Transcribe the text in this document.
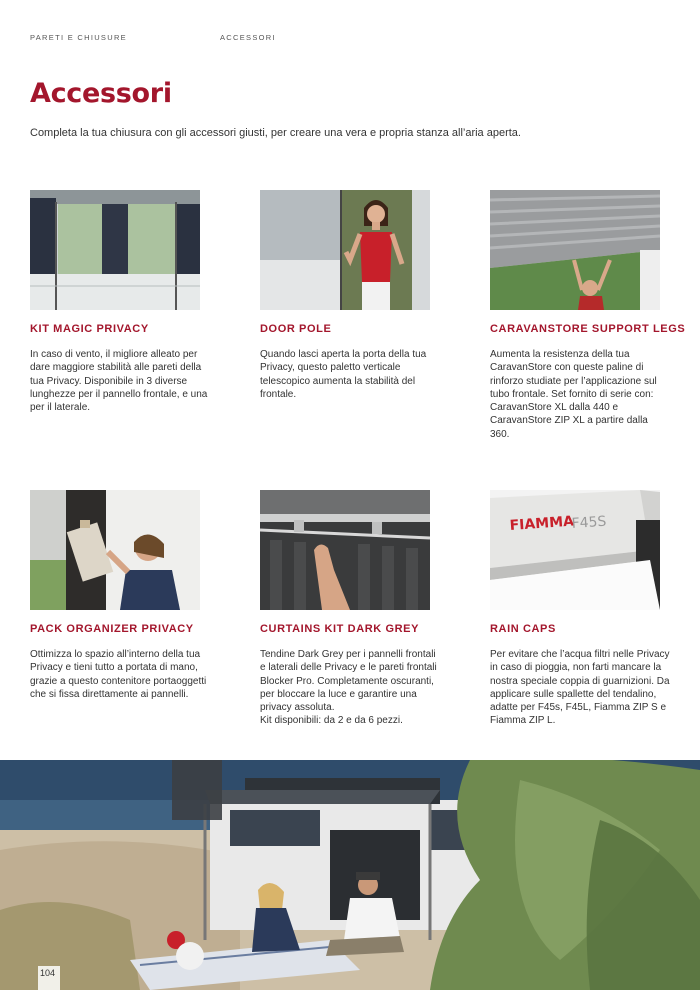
PARETI E CHIUSURE	ACCESSORI
Accessori
Completa la tua chiusura con gli accessori giusti, per creare una vera e propria stanza all’aria aperta.
KIT MAGIC PRIVACY

In caso di vento, il migliore alleato per dare maggiore stabilità alle pareti della tua Privacy. Disponibile in 3 diverse lunghezze per il pannello frontale, e una per il laterale.

DOOR POLE

Quando lasci aperta la porta della tua Privacy, questo paletto verticale telescopico aumenta la stabilità del frontale.

CARAVANSTORE SUPPORT LEGS

Aumenta la resistenza della tua CaravanStore con queste paline di rinforzo studiate per l’applicazione sul tubo frontale. Set fornito di serie con: CaravanStore XL dalla 440 e CaravanStore ZIP XL a partire dalla 360.

PACK ORGANIZER PRIVACY

Ottimizza lo spazio all’interno della tua Privacy e tieni tutto a portata di mano, grazie a questo contenitore portaoggetti che si fissa direttamente ai pannelli.

CURTAINS KIT DARK GREY

Tendine Dark Grey per i pannelli frontali e laterali delle Privacy e le pareti frontali Blocker Pro. Completamente oscuranti, per bloccare la luce e garantire una privacy assoluta.
Kit disponibili: da 2 e da 6 pezzi.

FIAMMA
F45S
RAIN CAPS

Per evitare che l’acqua filtri nelle Privacy in caso di pioggia, non farti mancare la nostra speciale coppia di guarnizioni. Da applicare sulle spallette del tendalino, adatte per F45s, F45L, Fiamma ZIP S e Fiamma ZIP L.

104
